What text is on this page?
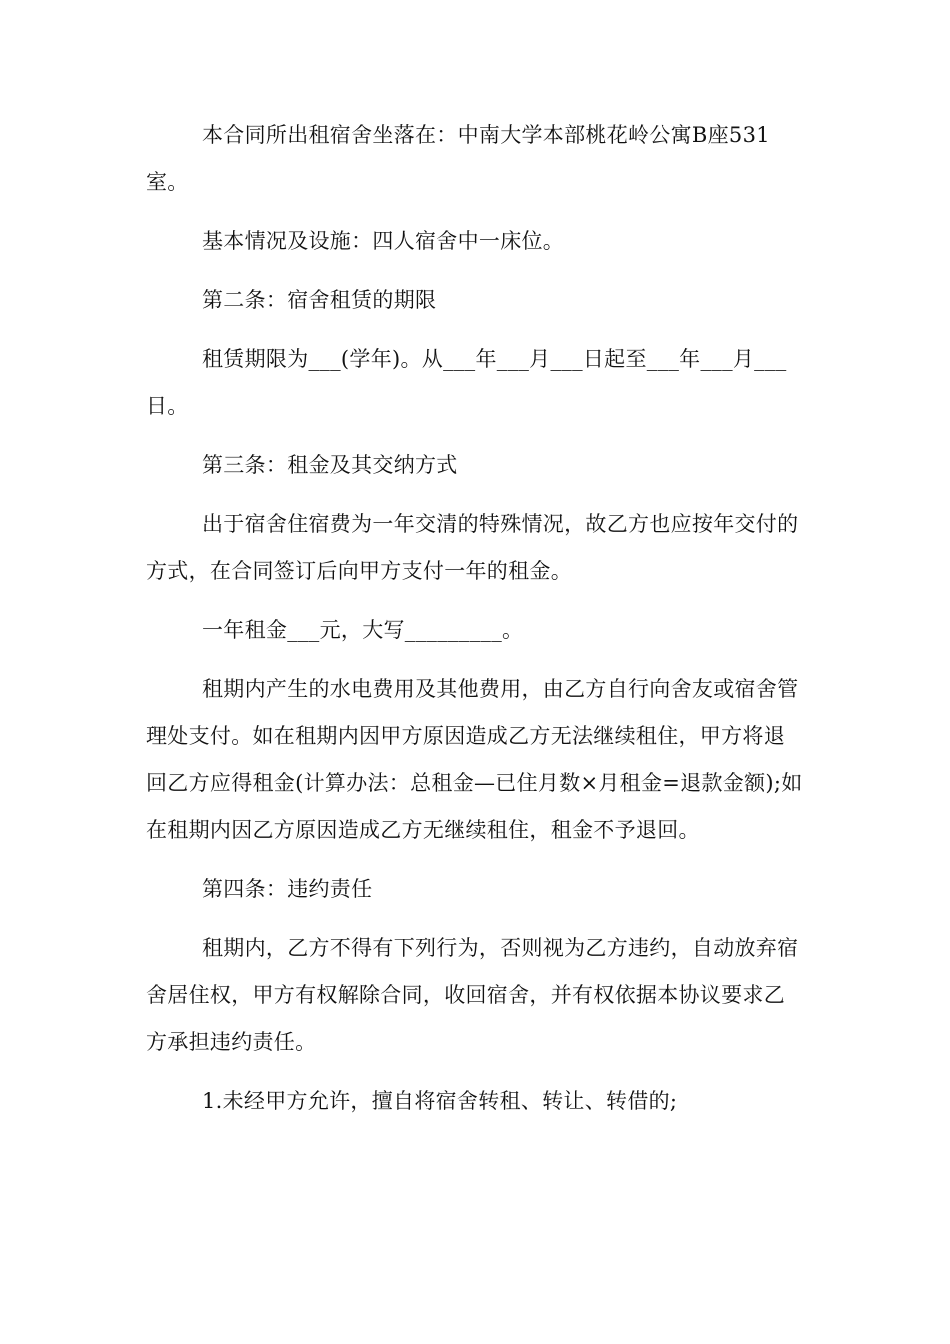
本合同所出租宿舍坐落在：中南大学本部桃花岭公寓B座531室。

基本情况及设施：四人宿舍中一床位。

第二条：宿舍租赁的期限

租赁期限为___(学年)。从___年___月___日起至___年___月___日。

第三条：租金及其交纳方式

出于宿舍住宿费为一年交清的特殊情况，故乙方也应按年交付的方式，在合同签订后向甲方支付一年的租金。

一年租金___元，大写_________。

租期内产生的水电费用及其他费用，由乙方自行向舍友或宿舍管理处支付。如在租期内因甲方原因造成乙方无法继续租住，甲方将退回乙方应得租金(计算办法：总租金—已住月数×月租金=退款金额);如在租期内因乙方原因造成乙方无继续租住，租金不予退回。

第四条：违约责任

租期内，乙方不得有下列行为，否则视为乙方违约，自动放弃宿舍居住权，甲方有权解除合同，收回宿舍，并有权依据本协议要求乙方承担违约责任。

1.未经甲方允许，擅自将宿舍转租、转让、转借的;
